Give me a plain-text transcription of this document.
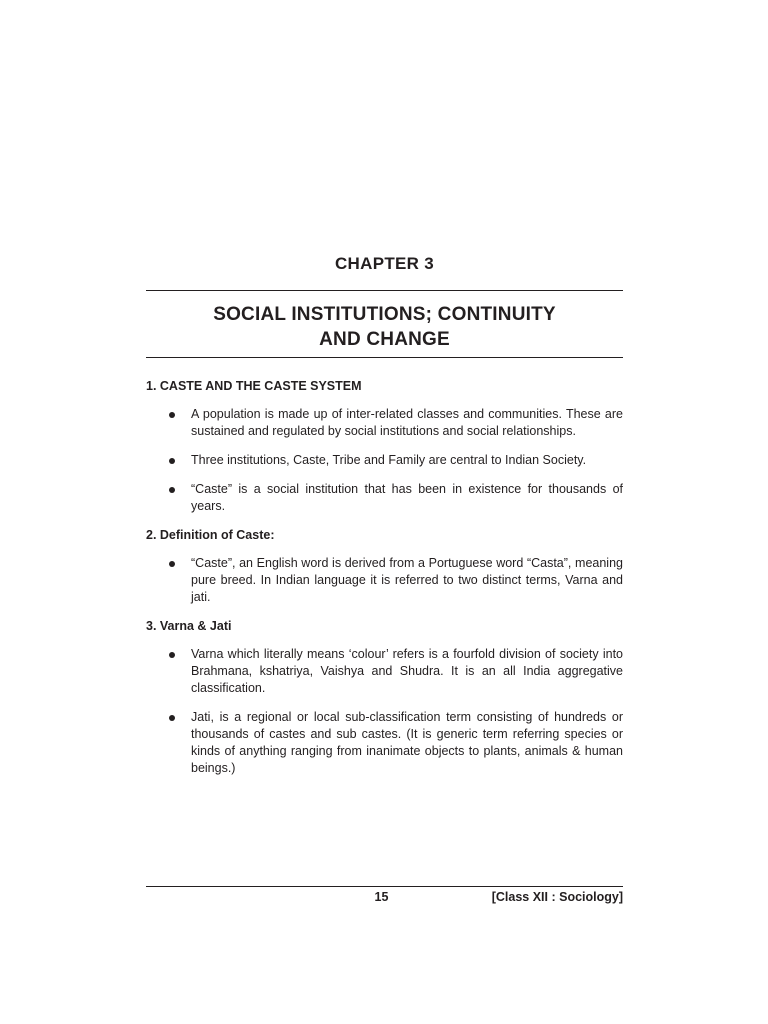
CHAPTER 3
SOCIAL INSTITUTIONS; CONTINUITY
AND CHANGE
1. CASTE AND THE CASTE SYSTEM
A population is made up of inter-related classes and communities. These are sustained and regulated by social institutions and social relationships.
Three institutions, Caste, Tribe and Family are central to Indian Society.
“Caste” is a social institution that has been in existence for thousands of years.
2. Definition of Caste:
“Caste”, an English word is derived from a Portuguese word “Casta”, meaning pure breed. In Indian language it is referred to two distinct terms, Varna and jati.
3. Varna & Jati
Varna which literally means ‘colour’ refers is a fourfold division of society into Brahmana, kshatriya, Vaishya and Shudra. It is an all India aggregative classification.
Jati, is a regional or local sub-classification term consisting of hundreds or thousands of castes and sub castes. (It is generic term referring species or kinds of anything ranging from inanimate objects to plants, animals & human beings.)
15	[Class XII : Sociology]
